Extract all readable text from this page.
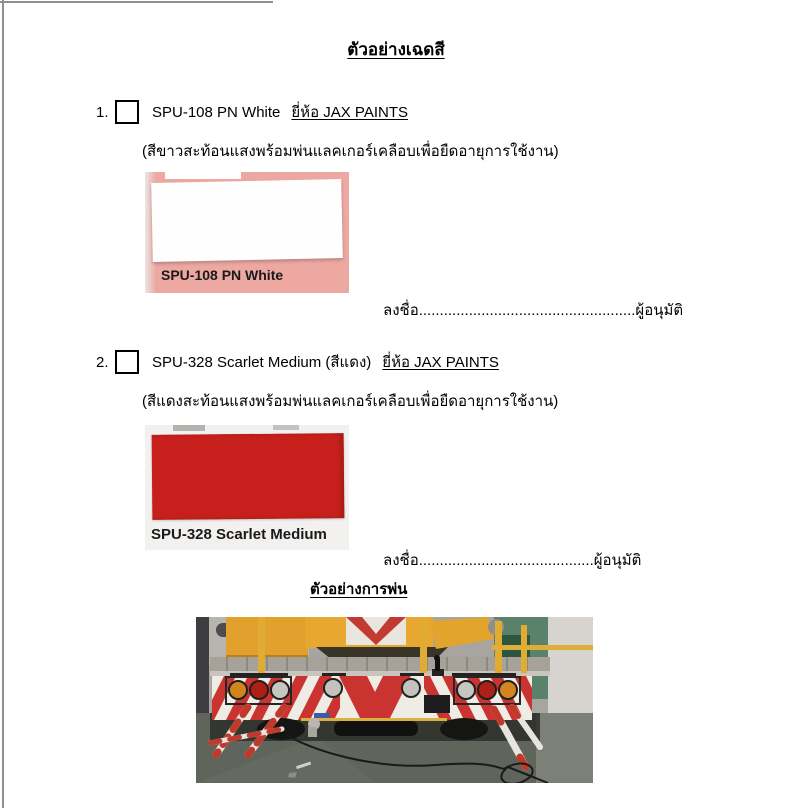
ตัวอย่างเฉดสี
1.	SPU-108 PN White ยี่ห้อ JAX PAINTS
(สีขาวสะท้อนแสงพร้อมพ่นแลคเกอร์เคลือบเพื่อยืดอายุการใช้งาน)
SPU-108 PN White
ลงชื่อ....................................................ผู้อนุมัติ
2.	SPU-328 Scarlet Medium (สีแดง) ยี่ห้อ JAX PAINTS
(สีแดงสะท้อนแสงพร้อมพ่นแลคเกอร์เคลือบเพื่อยืดอายุการใช้งาน)
SPU-328 Scarlet Medium
ลงชื่อ..........................................ผู้อนุมัติ
ตัวอย่างการพ่น
